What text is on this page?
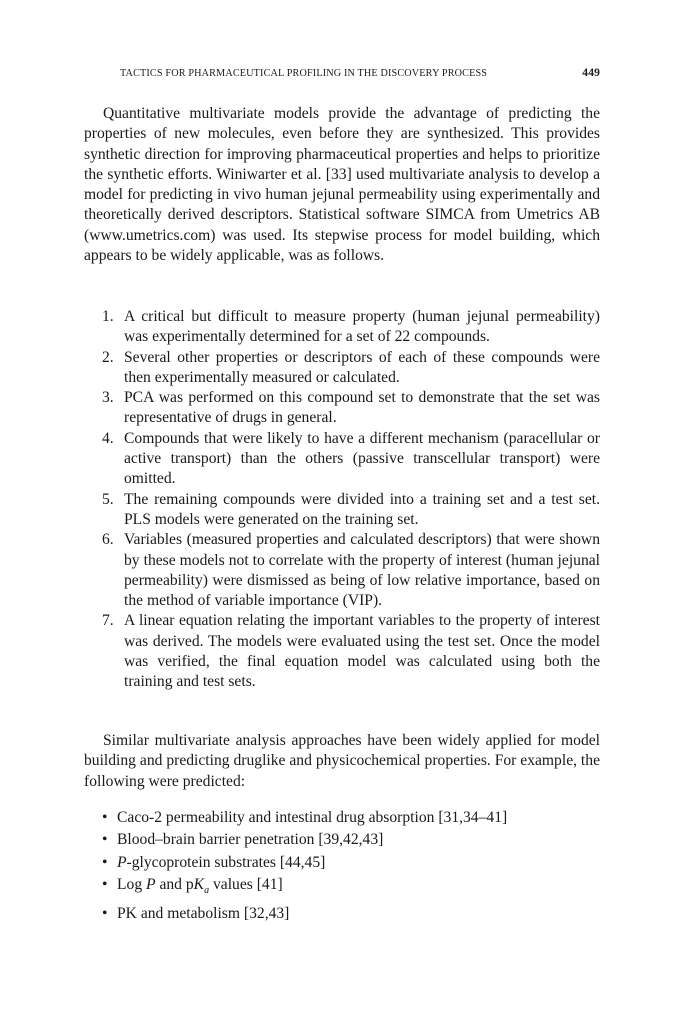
TACTICS FOR PHARMACEUTICAL PROFILING IN THE DISCOVERY PROCESS	449

Quantitative multivariate models provide the advantage of predicting the properties of new molecules, even before they are synthesized. This provides synthetic direction for improving pharmaceutical properties and helps to prioritize the synthetic efforts. Winiwarter et al. [33] used multivariate analysis to develop a model for predicting in vivo human jejunal permeability using experimentally and theoretically derived descriptors. Statistical software SIMCA from Umetrics AB (www.umetrics.com) was used. Its stepwise process for model building, which appears to be widely applicable, was as follows.

1. A critical but difficult to measure property (human jejunal permeability) was experimentally determined for a set of 22 compounds.
2. Several other properties or descriptors of each of these compounds were then experimentally measured or calculated.
3. PCA was performed on this compound set to demonstrate that the set was representative of drugs in general.
4. Compounds that were likely to have a different mechanism (paracellular or active transport) than the others (passive transcellular transport) were omitted.
5. The remaining compounds were divided into a training set and a test set. PLS models were generated on the training set.
6. Variables (measured properties and calculated descriptors) that were shown by these models not to correlate with the property of interest (human jejunal permeability) were dismissed as being of low relative importance, based on the method of variable importance (VIP).
7. A linear equation relating the important variables to the property of interest was derived. The models were evaluated using the test set. Once the model was verified, the final equation model was calculated using both the training and test sets.

Similar multivariate analysis approaches have been widely applied for model building and predicting druglike and physicochemical properties. For example, the following were predicted:

• Caco-2 permeability and intestinal drug absorption [31,34–41]
• Blood–brain barrier penetration [39,42,43]
• P-glycoprotein substrates [44,45]
• Log P and $pK_a$ values [41]
• PK and metabolism [32,43]
